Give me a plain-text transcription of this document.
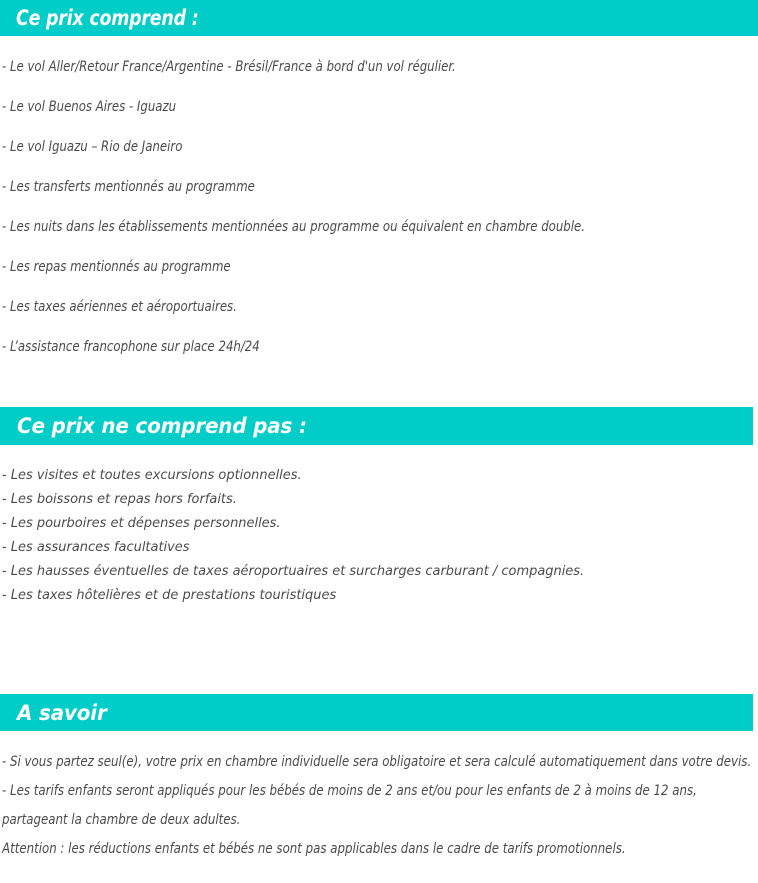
Ce prix comprend :
- Le vol Aller/Retour France/Argentine - Brésil/France à bord d'un vol régulier.
- Le vol Buenos Aires - Iguazu
- Le vol Iguazu – Rio de Janeiro
- Les transferts mentionnés au programme
- Les nuits dans les établissements mentionnées au programme ou équivalent en chambre double.
- Les repas mentionnés au programme
- Les taxes aériennes et aéroportuaires.
- L’assistance francophone sur place 24h/24
Ce prix ne comprend pas :
- Les visites et toutes excursions optionnelles.
- Les boissons et repas hors forfaits.
- Les pourboires et dépenses personnelles.
- Les assurances facultatives
- Les hausses éventuelles de taxes aéroportuaires et surcharges carburant / compagnies.
- Les taxes hôtelières et de prestations touristiques
A savoir

- Si vous partez seul(e), votre prix en chambre individuelle sera obligatoire et sera calculé automatiquement dans votre devis.

- Les tarifs enfants seront appliqués pour les bébés de moins de 2 ans et/ou pour les enfants de 2 à moins de 12 ans, partageant la chambre de deux adultes.

Attention : les réductions enfants et bébés ne sont pas applicables dans le cadre de tarifs promotionnels.
